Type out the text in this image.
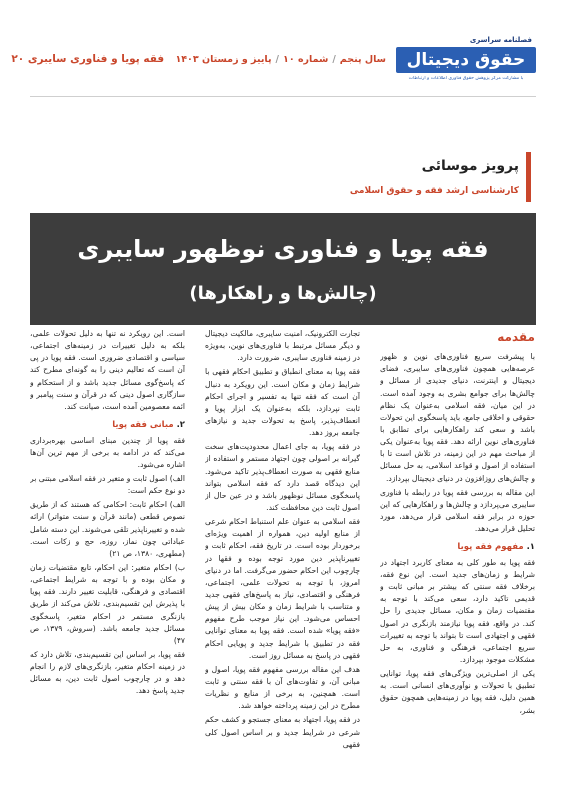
فصلنامه سراسری
حقوق دیجیتال
با مشارکت مرکز پژوهش حقوق فناوری اطلاعات و ارتباطات
سال پنجم/شماره ۱۰/پاییز و زمستان ۱۴۰۳ فقه پویا و فناوری سایبری ۲۰
پرویز موسائی
کارشناسی ارشد فقه و حقوق اسلامی
فقه پویا و فناوری نوظهور سایبری
(چالش‌ها و راهکارها)
مقدمه

با پیشرفت سریع فناوری‌های نوین و ظهور عرصه‌هایی همچون فناوری‌های سایبری، فضای دیجیتال و اینترنت، دنیای جدیدی از مسائل و چالش‌ها برای جوامع بشری به وجود آمده است. در این میان، فقه اسلامی به‌عنوان یک نظام حقوقی و اخلاقی جامع، باید پاسخگوی این تحولات باشد و سعی کند راهکارهایی برای تطابق با فناوری‌های نوین ارائه دهد. فقه پویا به‌عنوان یکی از مباحث مهم در این زمینه، در تلاش است تا با استفاده از اصول و قواعد اسلامی، به حل مسائل و چالش‌های روزافزون در دنیای دیجیتال بپردازد.

این مقاله به بررسی فقه پویا در رابطه با فناوری سایبری می‌پردازد و چالش‌ها و راهکارهایی که این حوزه در برابر فقه اسلامی قرار می‌دهد، مورد تحلیل قرار می‌دهد.

۱. مفهوم فقه پویا

فقه پویا به طور کلی به معنای کاربرد اجتهاد در شرایط و زمان‌های جدید است. این نوع فقه، برخلاف فقه سنتی که بیشتر بر مبانی ثابت و قدیمی تاکید دارد، سعی می‌کند با توجه به مقتضیات زمان و مکان، مسائل جدیدی را حل کند. در واقع، فقه پویا نیازمند بازنگری در اصول فقهی و اجتهادی است تا بتواند با توجه به تغییرات سریع اجتماعی، فرهنگی و فناوری، به حل مشکلات موجود بپردازد.

یکی از اصلی‌ترین ویژگی‌های فقه پویا، توانایی تطبیق با تحولات و نوآوری‌های انسانی است. به همین دلیل، فقه پویا در زمینه‌هایی همچون حقوق بشر،

تجارت الکترونیک، امنیت سایبری، مالکیت دیجیتال و دیگر مسائل مرتبط با فناوری‌های نوین، به‌ویژه در زمینه فناوری سایبری، ضرورت دارد.

فقه پویا به معنای انطباق و تطبیق احکام فقهی با شرایط زمان و مکان است. این رویکرد به دنبال آن است که فقه تنها به تفسیر و اجرای احکام ثابت نپردازد، بلکه به‌عنوان یک ابزار پویا و انعطاف‌پذیر، پاسخ به تحولات جدید و نیازهای جامعه بروز دهد.

در فقه پویا، به جای اعمال محدودیت‌های سخت گیرانه بر اصولی چون اجتهاد مستمر و استفاده از منابع فقهی به صورت انعطاف‌پذیر تاکید می‌شود. این دیدگاه قصد دارد که فقه اسلامی بتواند پاسخگوی مسائل نوظهور باشد و در عین حال از اصول ثابت دین محافظت کند.

فقه اسلامی به عنوان علم استنباط احکام شرعی از منابع اولیه دین، همواره از اهمیت ویژه‌ای برخوردار بوده است. در تاریخ فقه، احکام ثابت و تغییرناپذیر دین مورد توجه بوده و فقها در چارچوب این احکام حضور می‌گرفت. اما در دنیای امروز، با توجه به تحولات علمی، اجتماعی، فرهنگی و اقتصادی، نیاز به پاسخ‌های فقهی جدید و متناسب با شرایط زمان و مکان بیش از پیش احساس می‌شود. این نیاز موجب طرح مفهوم «فقه پویا» شده است. فقه پویا به معنای توانایی فقه در تطبیق با شرایط جدید و پویایی احکام فقهی در پاسخ به مسائل روز است.

هدف این مقاله بررسی مفهوم فقه پویا، اصول و مبانی آن، و تفاوت‌های آن با فقه سنتی و ثابت است. همچنین، به برخی از منابع و نظریات مطرح در این زمینه پرداخته خواهد شد.

در فقه پویا، اجتهاد به معنای جستجو و کشف حکم شرعی در شرایط جدید و بر اساس اصول کلی فقهی

است. این رویکرد نه تنها به دلیل تحولات علمی، بلکه به دلیل تغییرات در زمینه‌های اجتماعی، سیاسی و اقتصادی ضروری است. فقه پویا در پی آن است که تعالیم دینی را به گونه‌ای مطرح کند که پاسخ‌گوی مسائل جدید باشد و از استحکام و سازگاری اصول دینی که در قرآن و سنت پیامبر و ائمه معصومین آمده است، صیانت کند.

۲. مبانی فقه پویا

فقه پویا از چندین مبنای اساسی بهره‌برداری می‌کند که در ادامه به برخی از مهم ترین آن‌ها اشاره می‌شود.

الف) اصول ثابت و متغیر در فقه اسلامی مبتنی بر دو نوع حکم است:

الف) احکام ثابت: احکامی که هستند که از طریق نصوص قطعی (مانند قرآن و سنت متواتر) ارائه شده و تغییرناپذیر تلقی می‌شوند. این دسته شامل عباداتی چون نماز، روزه، حج و زکات است. (مطهری، ۱۳۸۰، ص ۲۱)

ب) احکام متغیر: این احکام، تابع مقتضیات زمان و مکان بوده و با توجه به شرایط اجتماعی، اقتصادی و فرهنگی، قابلیت تغییر دارند. فقه پویا با پذیرش این تقسیم‌بندی، تلاش می‌کند از طریق بازنگری مستمر در احکام متغیر، پاسخگوی مسائل جدید جامعه باشد. (سروش، ۱۳۷۹، ص ۴۷)

فقه پویا، بر اساس این تقسیم‌بندی، تلاش دارد که در زمینه احکام متغیر، بازنگری‌های لازم را انجام دهد و در چارچوب اصول ثابت دین، به مسائل جدید پاسخ دهد.
